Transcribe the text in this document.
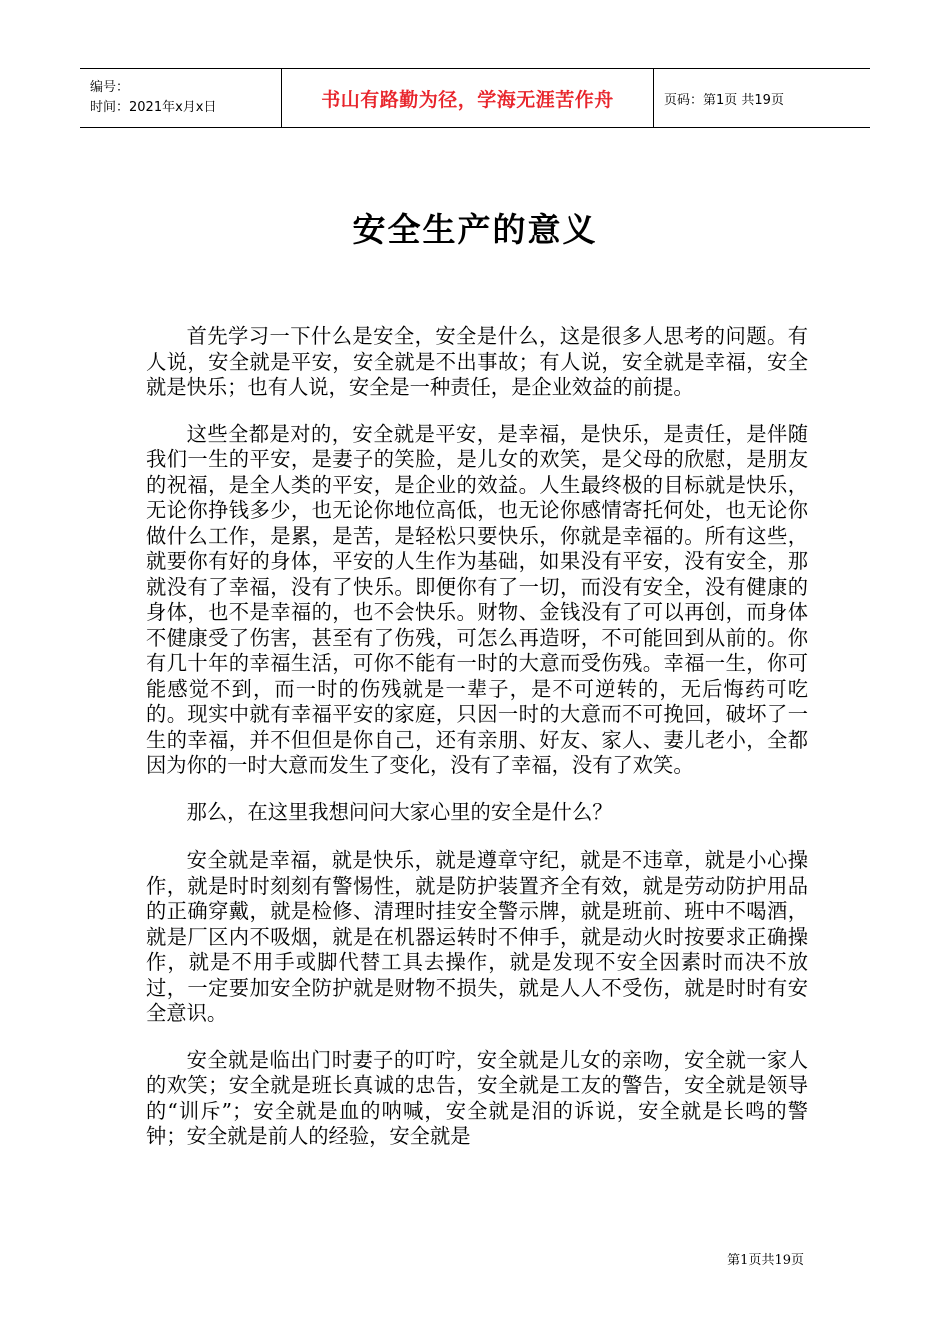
编号：
时间：2021年x月x日	书山有路勤为径，学海无涯苦作舟	页码：第1页 共19页
安全生产的意义

首先学习一下什么是安全，安全是什么，这是很多人思考的问题。有人说，安全就是平安，安全就是不出事故；有人说，安全就是幸福，安全就是快乐；也有人说，安全是一种责任，是企业效益的前提。

这些全都是对的，安全就是平安，是幸福，是快乐，是责任，是伴随我们一生的平安，是妻子的笑脸，是儿女的欢笑，是父母的欣慰，是朋友的祝福，是全人类的平安，是企业的效益。人生最终极的目标就是快乐，无论你挣钱多少，也无论你地位高低，也无论你感情寄托何处，也无论你做什么工作，是累，是苦，是轻松只要快乐，你就是幸福的。所有这些，就要你有好的身体，平安的人生作为基础，如果没有平安，没有安全，那就没有了幸福，没有了快乐。即便你有了一切，而没有安全，没有健康的身体，也不是幸福的，也不会快乐。财物、金钱没有了可以再创，而身体不健康受了伤害，甚至有了伤残，可怎么再造呀，不可能回到从前的。你有几十年的幸福生活，可你不能有一时的大意而受伤残。幸福一生，你可能感觉不到，而一时的伤残就是一辈子，是不可逆转的，无后悔药可吃的。现实中就有幸福平安的家庭，只因一时的大意而不可挽回，破坏了一生的幸福，并不但但是你自己，还有亲朋、好友、家人、妻儿老小，全都因为你的一时大意而发生了变化，没有了幸福，没有了欢笑。

那么，在这里我想问问大家心里的安全是什么？

安全就是幸福，就是快乐，就是遵章守纪，就是不违章，就是小心操作，就是时时刻刻有警惕性，就是防护装置齐全有效，就是劳动防护用品的正确穿戴，就是检修、清理时挂安全警示牌，就是班前、班中不喝酒，就是厂区内不吸烟，就是在机器运转时不伸手，就是动火时按要求正确操作，就是不用手或脚代替工具去操作，就是发现不安全因素时而决不放过，一定要加安全防护就是财物不损失，就是人人不受伤，就是时时有安全意识。

安全就是临出门时妻子的叮咛，安全就是儿女的亲吻，安全就一家人的欢笑；安全就是班长真诚的忠告，安全就是工友的警告，安全就是领导的“训斥”；安全就是血的呐喊，安全就是泪的诉说，安全就是长鸣的警钟；安全就是前人的经验，安全就是

第1页共19页
